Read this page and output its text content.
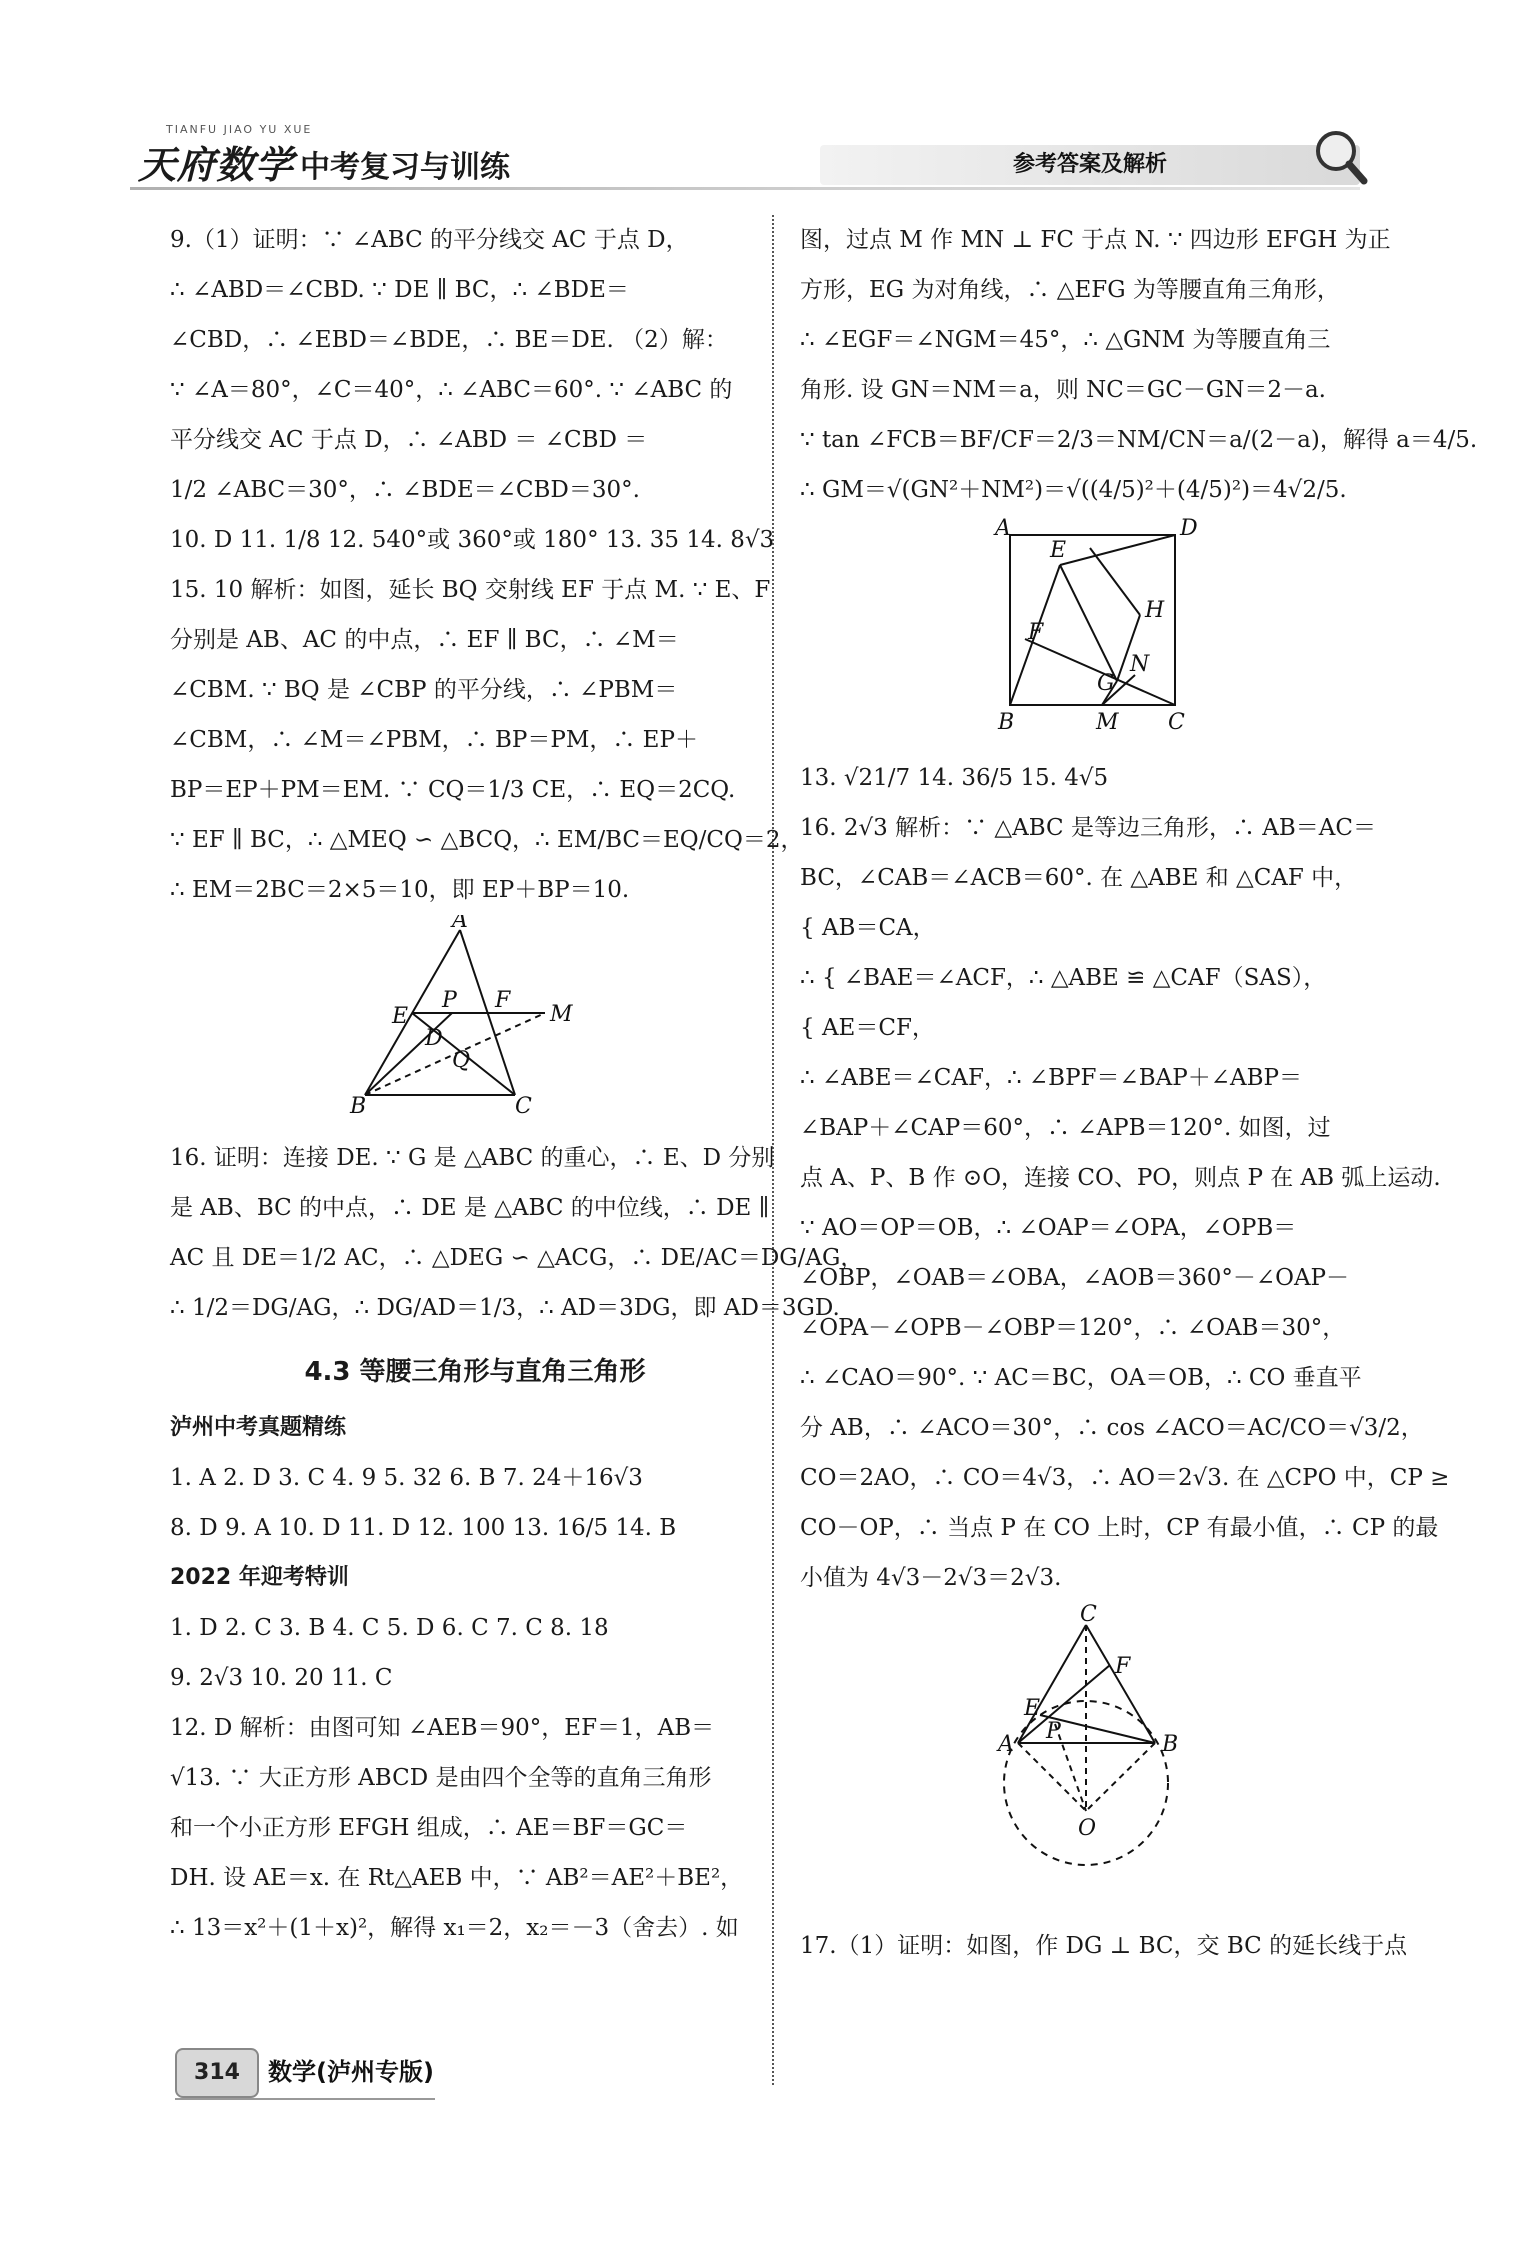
天府数学 中考复习与训练
TIANFU JIAO YU XUE
参考答案及解析

9.（1）证明：∵ ∠ABC 的平分线交 AC 于点 D，

∴ ∠ABD＝∠CBD. ∵ DE ∥ BC，∴ ∠BDE＝

∠CBD，∴ ∠EBD＝∠BDE，∴ BE＝DE. （2）解：

∵ ∠A＝80°，∠C＝40°，∴ ∠ABC＝60°. ∵ ∠ABC 的

平分线交 AC 于点 D，∴ ∠ABD ＝ ∠CBD ＝

1/2 ∠ABC＝30°，∴ ∠BDE＝∠CBD＝30°.

10. D 11. 1/8 12. 540°或 360°或 180° 13. 35 14. 8√3

15. 10 解析：如图，延长 BQ 交射线 EF 于点 M. ∵ E、F

分别是 AB、AC 的中点，∴ EF ∥ BC，∴ ∠M＝

∠CBM. ∵ BQ 是 ∠CBP 的平分线，∴ ∠PBM＝

∠CBM，∴ ∠M＝∠PBM，∴ BP＝PM，∴ EP＋

BP＝EP＋PM＝EM. ∵ CQ＝1/3 CE，∴ EQ＝2CQ.

∵ EF ∥ BC，∴ △MEQ ∽ △BCQ，∴ EM/BC＝EQ/CQ＝2，

∴ EM＝2BC＝2×5＝10，即 EP＋BP＝10.

A
E
P F
M
D
Q
B	C

16. 证明：连接 DE. ∵ G 是 △ABC 的重心，∴ E、D 分别

是 AB、BC 的中点，∴ DE 是 △ABC 的中位线，∴ DE ∥

AC 且 DE＝1/2 AC，∴ △DEG ∽ △ACG，∴ DE/AC＝DG/AG，

∴ 1/2＝DG/AG，∴ DG/AD＝1/3，∴ AD＝3DG，即 AD＝3GD.

4.3 等腰三角形与直角三角形

泸州中考真题精练

1. A 2. D 3. C 4. 9 5. 32 6. B 7. 24＋16√3

8. D 9. A 10. D 11. D 12. 100 13. 16/5 14. B

2022 年迎考特训

1. D 2. C 3. B 4. C 5. D 6. C 7. C 8. 18

9. 2√3 10. 20 11. C

12. D 解析：由图可知 ∠AEB＝90°，EF＝1，AB＝

√13. ∵ 大正方形 ABCD 是由四个全等的直角三角形

和一个小正方形 EFGH 组成，∴ AE＝BF＝GC＝

DH. 设 AE＝x. 在 Rt△AEB 中，∵ AB²＝AE²＋BE²，

∴ 13＝x²＋(1＋x)²，解得 x₁＝2，x₂＝－3（舍去）. 如

图，过点 M 作 MN ⊥ FC 于点 N. ∵ 四边形 EFGH 为正

方形，EG 为对角线，∴ △EFG 为等腰直角三角形，

∴ ∠EGF＝∠NGM＝45°，∴ △GNM 为等腰直角三

角形. 设 GN＝NM＝a，则 NC＝GC－GN＝2－a.

∵ tan ∠FCB＝BF/CF＝2/3＝NM/CN＝a/(2－a)，解得 a＝4/5.

∴ GM＝√(GN²＋NM²)＝√((4/5)²＋(4/5)²)＝4√2/5.

A	D
E
H
F
N
G
B	M C

13. √21/7 14. 36/5 15. 4√5

16. 2√3 解析：∵ △ABC 是等边三角形，∴ AB＝AC＝

BC，∠CAB＝∠ACB＝60°. 在 △ABE 和 △CAF 中，

{ AB＝CA，

∴ { ∠BAE＝∠ACF，∴ △ABE ≌ △CAF（SAS），

{ AE＝CF，

∴ ∠ABE＝∠CAF，∴ ∠BPF＝∠BAP＋∠ABP＝

∠BAP＋∠CAP＝60°，∴ ∠APB＝120°. 如图，过

点 A、P、B 作 ⊙O，连接 CO、PO，则点 P 在 AB 弧上运动.

∵ AO＝OP＝OB，∴ ∠OAP＝∠OPA，∠OPB＝

∠OBP，∠OAB＝∠OBA，∠AOB＝360°－∠OAP－

∠OPA－∠OPB－∠OBP＝120°，∴ ∠OAB＝30°，

∴ ∠CAO＝90°. ∵ AC＝BC，OA＝OB，∴ CO 垂直平

分 AB，∴ ∠ACO＝30°，∴ cos ∠ACO＝AC/CO＝√3/2，

CO＝2AO，∴ CO＝4√3，∴ AO＝2√3. 在 △CPO 中，CP ≥

CO－OP，∴ 当点 P 在 CO 上时，CP 有最小值，∴ CP 的最

小值为 4√3－2√3＝2√3.

C
F
E
P
A	B
O

17.（1）证明：如图，作 DG ⊥ BC，交 BC 的延长线于点

314	数学(泸州专版)
